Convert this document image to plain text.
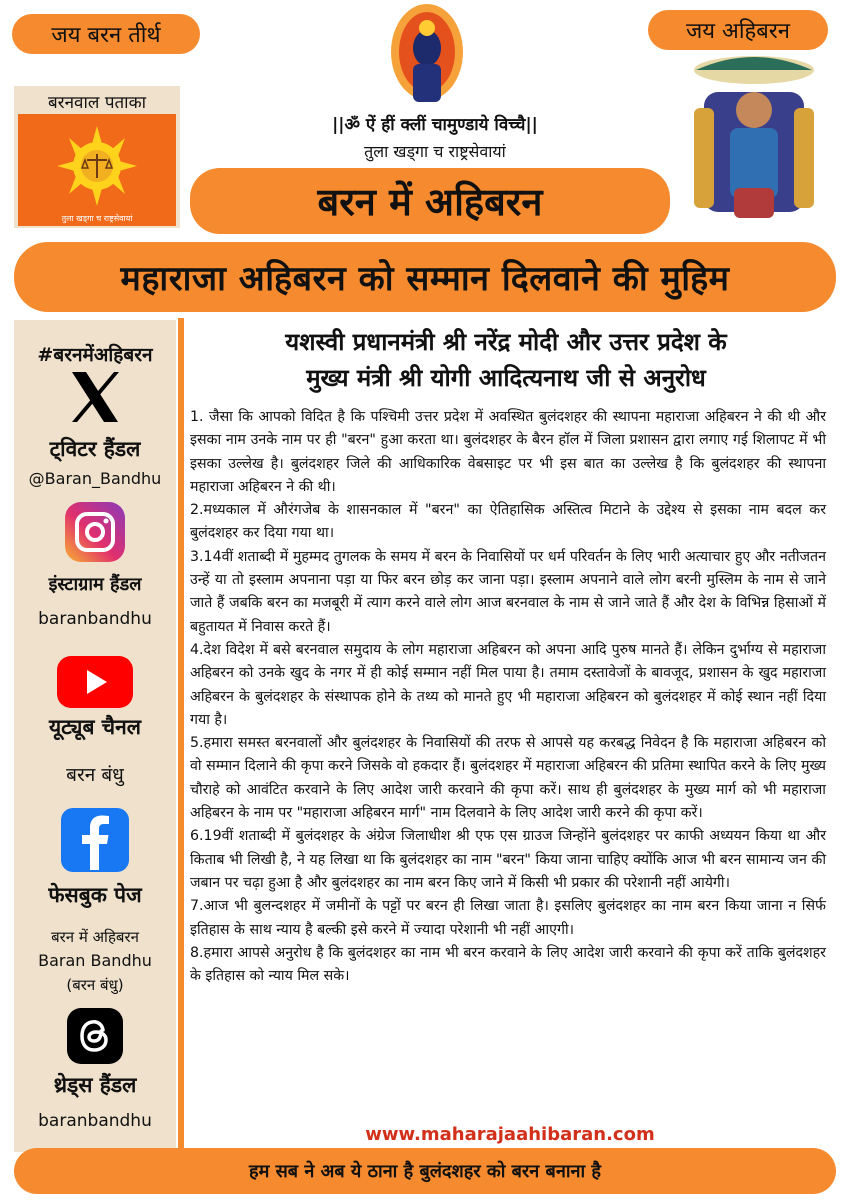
जय बरन तीर्थ	जय अहिबरन
बरनवाल पताका
तुला खड्गा च राष्ट्रसेवायां
||ॐ ऐं हीं क्लीं चामुण्डाये विच्चै||
तुला खड्गा च राष्ट्रसेवायां
बरन में अहिबरन
महाराजा अहिबरन को सम्मान दिलवाने की मुहिम
#बरनमेंअहिबरन
ट्विटर हैंडल
@Baran_Bandhu
इंस्टाग्राम हैंडल
baranbandhu
यूट्यूब चैनल
बरन बंधु
फेसबुक पेज
बरन में अहिबरन
Baran Bandhu
(बरन बंधु)
थ्रेड्स हैंडल
baranbandhu
यशस्वी प्रधानमंत्री श्री नरेंद्र मोदी और उत्तर प्रदेश के
मुख्य मंत्री श्री योगी आदित्यनाथ जी से अनुरोध

1. जैसा कि आपको विदित है कि पश्चिमी उत्तर प्रदेश में अवस्थित बुलंदशहर की स्थापना महाराजा अहिबरन ने की थी और इसका नाम उनके नाम पर ही "बरन" हुआ करता था। बुलंदशहर के बैरन हॉल में जिला प्रशासन द्वारा लगाए गई शिलापट में भी इसका उल्लेख है। बुलंदशहर जिले की आधिकारिक वेबसाइट पर भी इस बात का उल्लेख है कि बुलंदशहर की स्थापना महाराजा अहिबरन ने की थी।

2.मध्यकाल में औरंगजेब के शासनकाल में "बरन" का ऐतिहासिक अस्तित्व मिटाने के उद्देश्य से इसका नाम बदल कर बुलंदशहर कर दिया गया था।

3.14वीं शताब्दी में मुहम्मद तुगलक के समय में बरन के निवासियों पर धर्म परिवर्तन के लिए भारी अत्याचार हुए और नतीजतन उन्हें या तो इस्लाम अपनाना पड़ा या फिर बरन छोड़ कर जाना पड़ा। इस्लाम अपनाने वाले लोग बरनी मुस्लिम के नाम से जाने जाते हैं जबकि बरन का मजबूरी में त्याग करने वाले लोग आज बरनवाल के नाम से जाने जाते हैं और देश के विभिन्न हिसाओं में बहुतायत में निवास करते हैं।

4.देश विदेश में बसे बरनवाल समुदाय के लोग महाराजा अहिबरन को अपना आदि पुरुष मानते हैं। लेकिन दुर्भाग्य से महाराजा अहिबरन को उनके खुद के नगर में ही कोई सम्मान नहीं मिल पाया है। तमाम दस्तावेजों के बावजूद, प्रशासन के खुद महाराजा अहिबरन के बुलंदशहर के संस्थापक होने के तथ्य को मानते हुए भी महाराजा अहिबरन को बुलंदशहर में कोई स्थान नहीं दिया गया है।

5.हमारा समस्त बरनवालों और बुलंदशहर के निवासियों की तरफ से आपसे यह करबद्ध निवेदन है कि महाराजा अहिबरन को वो सम्मान दिलाने की कृपा करने जिसके वो हकदार हैं। बुलंदशहर में महाराजा अहिबरन की प्रतिमा स्थापित करने के लिए मुख्य चौराहे को आवंटित करवाने के लिए आदेश जारी करवाने की कृपा करें। साथ ही बुलंदशहर के मुख्य मार्ग को भी महाराजा अहिबरन के नाम पर "महाराजा अहिबरन मार्ग" नाम दिलवाने के लिए आदेश जारी करने की कृपा करें।

6.19वीं शताब्दी में बुलंदशहर के अंग्रेज जिलाधीश श्री एफ एस ग्राउज जिन्होंने बुलंदशहर पर काफी अध्ययन किया था और किताब भी लिखी है, ने यह लिखा था कि बुलंदशहर का नाम "बरन" किया जाना चाहिए क्योंकि आज भी बरन सामान्य जन की जबान पर चढ़ा हुआ है और बुलंदशहर का नाम बरन किए जाने में किसी भी प्रकार की परेशानी नहीं आयेगी।

7.आज भी बुलन्दशहर में जमीनों के पट्टों पर बरन ही लिखा जाता है। इसलिए बुलंदशहर का नाम बरन किया जाना न सिर्फ इतिहास के साथ न्याय है बल्की इसे करने में ज्यादा परेशानी भी नहीं आएगी।

8.हमारा आपसे अनुरोध है कि बुलंदशहर का नाम भी बरन करवाने के लिए आदेश जारी करवाने की कृपा करें ताकि बुलंदशहर के इतिहास को न्याय मिल सके।

www.maharajaahibaran.com
हम सब ने अब ये ठाना है बुलंदशहर को बरन बनाना है
